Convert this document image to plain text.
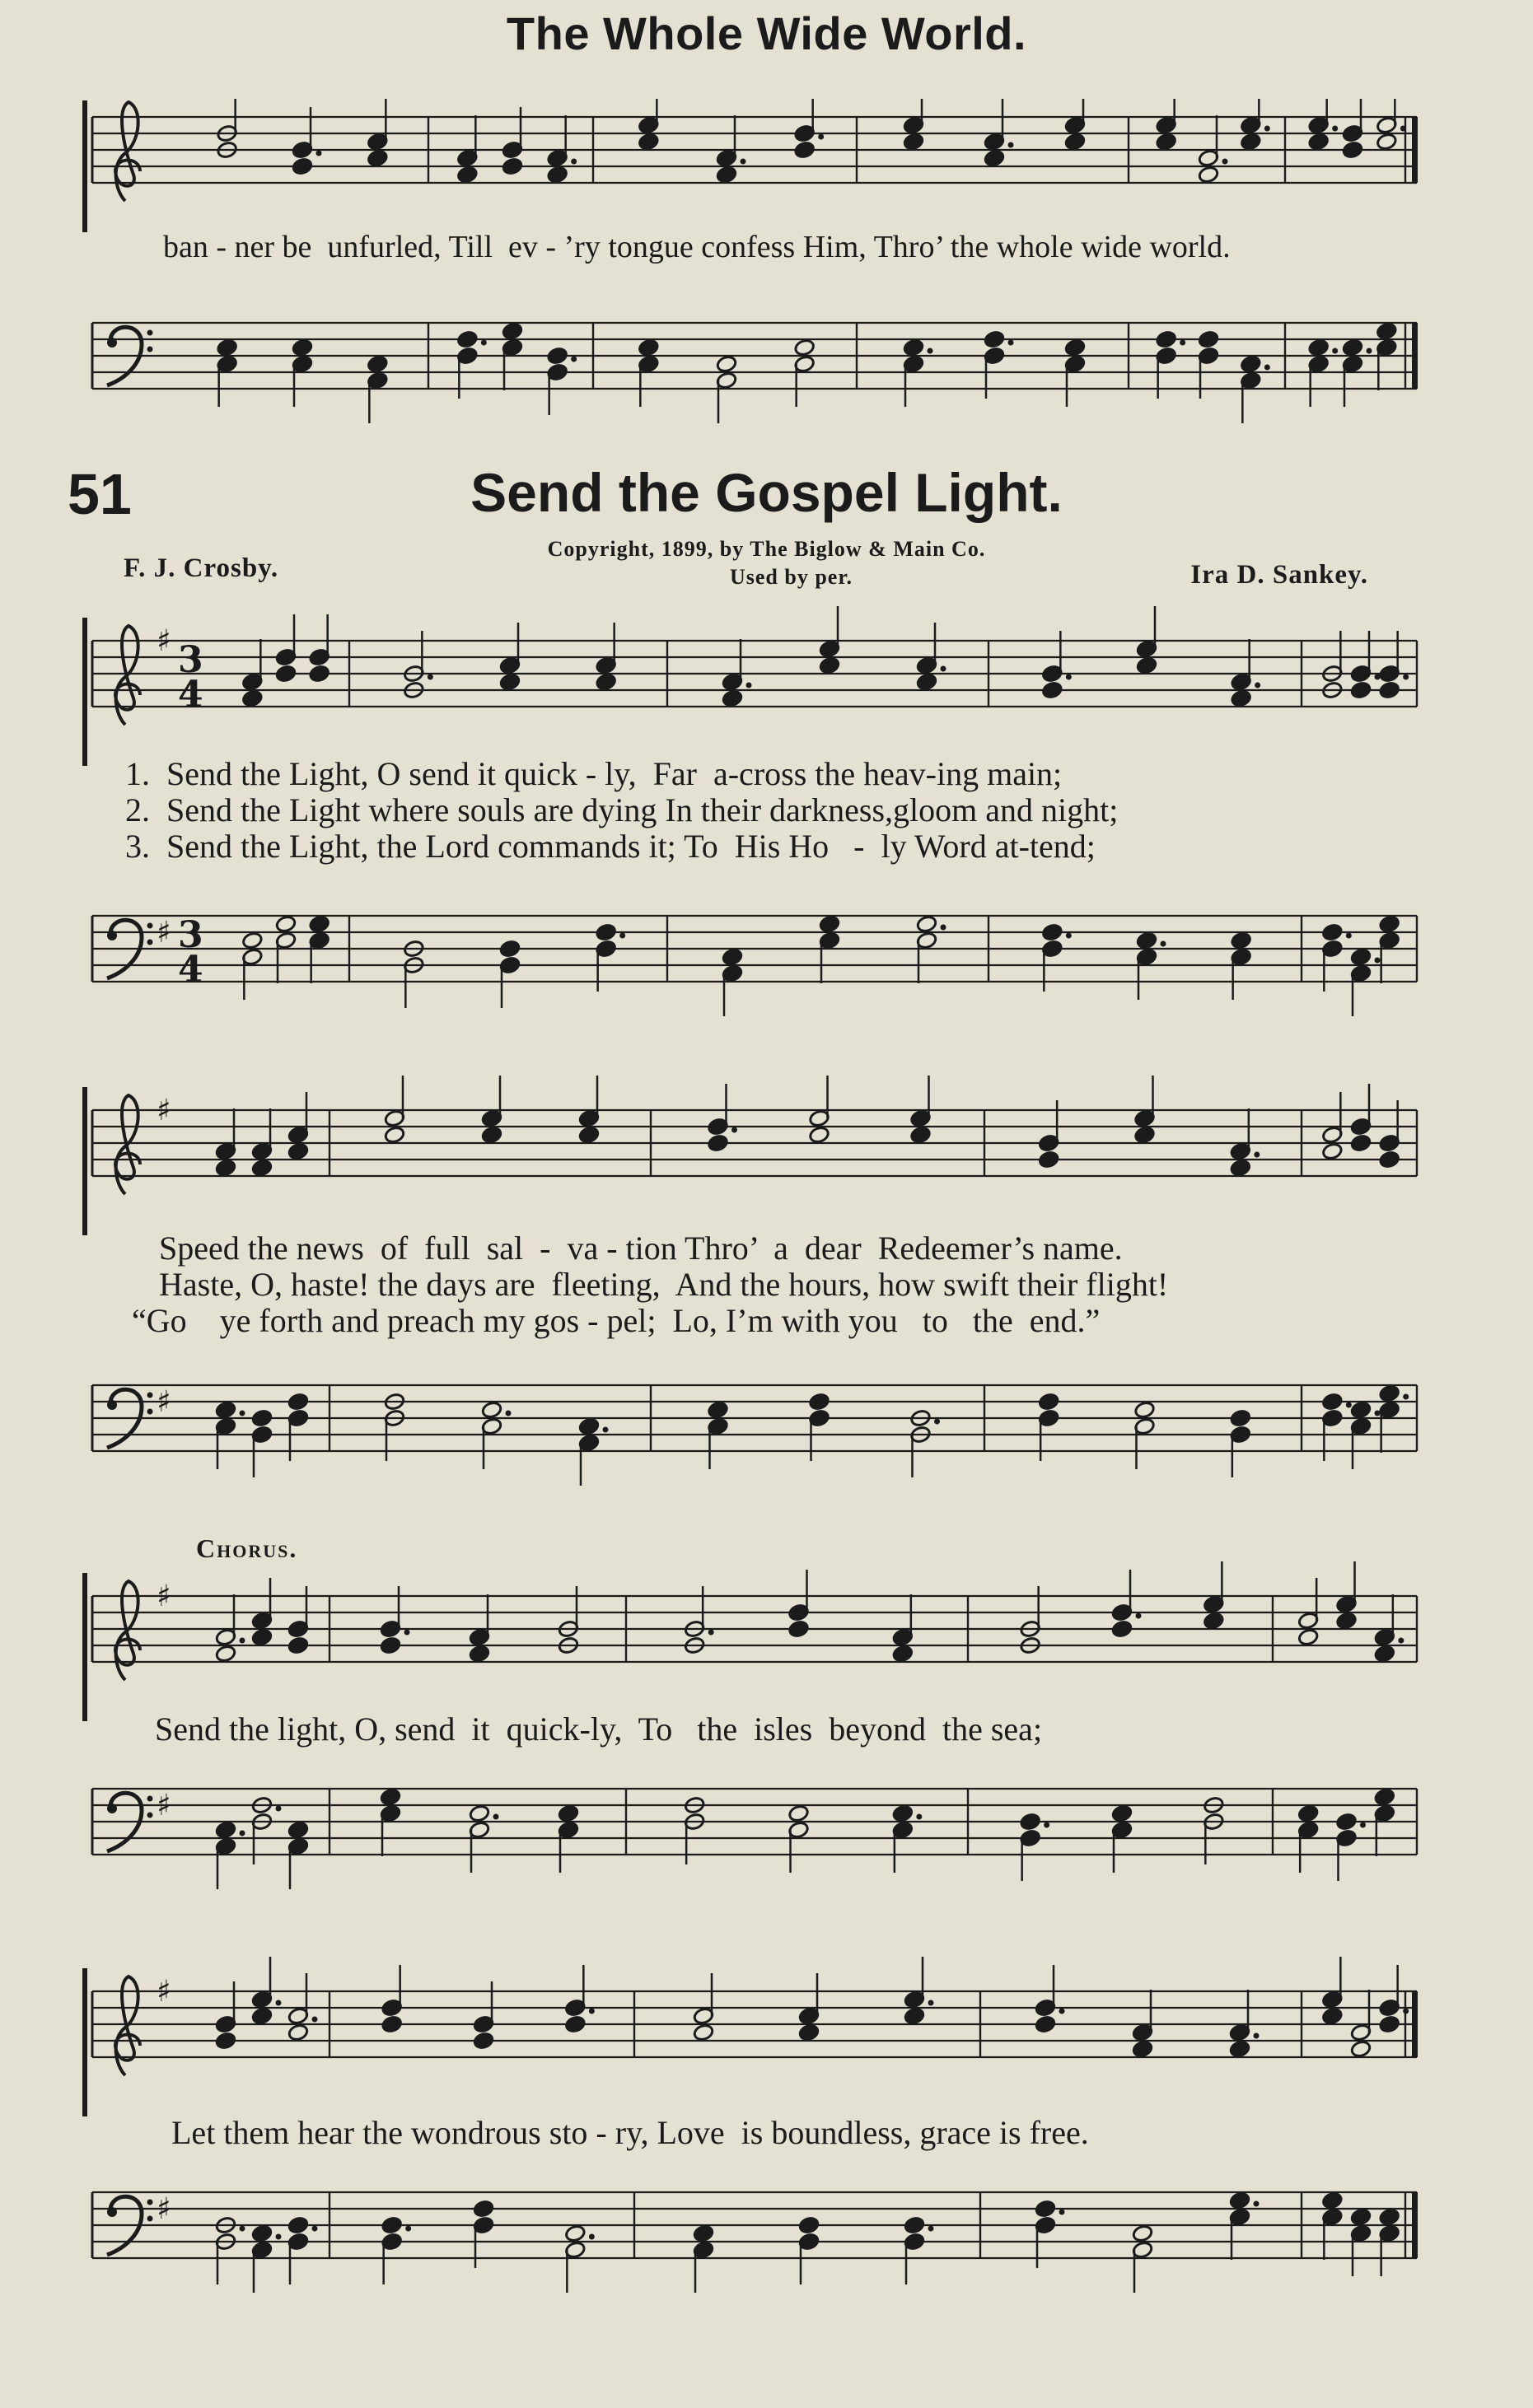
The Whole Wide World.
ban - ner be  unfurled, Till  ev - ’ry tongue confess Him, Thro’ the whole wide world.
51	Send the Gospel Light.
Copyright, 1899, by The Biglow & Main Co.
Used by per.
F. J. Crosby.	Ira D. Sankey.
♯ 3
4
1.  Send the Light, O send it quick - ly,  Far  a-cross the heav-ing main;
2.  Send the Light where souls are dying In their darkness,gloom and night;
3.  Send the Light, the Lord commands it; To  His Ho   -  ly Word at-tend;
♯ 3
4
♯
Speed the news  of  full  sal  -  va - tion Thro’  a  dear  Redeemer’s name.
Haste, O, haste! the days are  fleeting,  And the hours, how swift their flight!
“Go    ye forth and preach my gos - pel;  Lo, I’m with you   to   the  end.”
♯
Chorus.
♯
Send the light, O, send  it  quick-ly,  To   the  isles  beyond  the sea;
♯
♯
Let them hear the wondrous sto - ry, Love  is boundless, grace is free.
♯
